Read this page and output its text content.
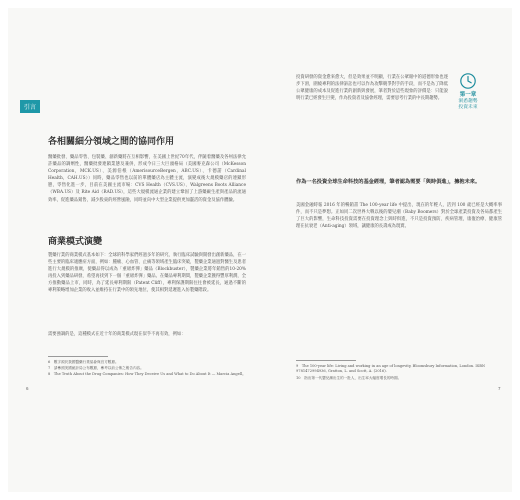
引言
各相關細分領域之間的協同作用
醫藥批發、藥品零售、包裝藥、創新藥將在互相影響，在美國上世紀70年代，伴隨着醫藥及各州法律允許藥品的調劑性，醫藥批發連鎖業態及兼併，形成今日三大巨頭格局（美國麥克森公司（McKesson Corporation，MCK.US）、美源伯根（AmerisourceBergen，ABC.US）、卡德諾（Cardinal Health，CAH.US））同時，藥品零售也以前的單體藥店為主體主流，演變成後大規模藥店的連鎖形態，零售化進一步，目前在美國主流市場：CVS Health（CVS.US）、Walgreens Boots Alliance（WBA.US）及 Rite Aid（RAD.US），這些大規模流通企業的建立鞏固了上游藥廠生產與產品的流通效率，促進藥品銷售，減少股東的經營風險，同時並向中大型企業提供更加靈活的資金及協作體驗。
商業模式演變
製藥行業的商業模式基本如下：全球的科學家們經過多年的研究，執行臨床試驗與開發出創新藥品，在一些主要的臨床適應症方面，例如：腫瘤、心血管、止痛等領域產生臨床突破，製藥企業通過對醫生及患者進行大規模的推廣，使藥品得以成為「重磅炸彈」藥品（Blockbuster），製藥企業將年銷售的10-20%再投入到藥品研發，希望再找到下一個「重磅炸彈」藥品。在藥品專利期間，製藥企業獲得豐厚利潤，全方推動藥品上市，同時，為了延長專利期限（Patent Cliff），專利保護期限往往會被延長，通過不斷的專利策略增加企業的收入並維持在行業中的領先地位，使其相對延遲進入仿製藥階段。
需要強調的是，這種模式在近十年的商業模式現在似乎不再有效，例如：
6　數字源於我國醫藥行業協會與官方數據。
7　請參照美國統計局公布數據，參考以前公佈之報告內容。
8　The Truth About the Drug Companies: How They Deceive Us and What to Do About It — Marcia Angell。
6
第一章
洞悉趨勢
投資未來
投資研發的資金愈來愈大，但是效果並不明顯，行業在公眾眼中的道德形象也逐步下滑，圍繞專利的法律訴訟也可以作為攻擊競爭對手的手段，而不是為了降低公眾健康的成本及促進行業的創新與發展，筆者對於這些現象的評價是：只能說明行業已經發生巨變，作為投資者及協會經理，需要思考行業的中長期趨勢。
作為一名投資全球生命科技的基金經理，筆者認為需要「與時俱進」，擁抱未來。
美國金融時報 2016 年的暢銷書 The 100-year life 中提出，現在的年輕人，活到 100 歲已經是大概率事件，而不只是夢想。正如同二次世界大戰以後的嬰兒潮（Baby Boomers）對於全球產業投資及各局都產生了巨大的影響，生命科技投資需要在投資理念上與時俱進，不只是投資預防、疾病管理，康復治療、健康管理在抗衰老（Anti-aging）領域，讓健康的長壽成為現實。
9　The 100-year life: Living and working in an age of longevity, Bloomsbury Information, London. ISBN 9781472994936, Gratton, L. and Scott, A. (2016).
10　指出第一代嬰兒潮出生的一批人，出生率大幅度增長的時期。
7
